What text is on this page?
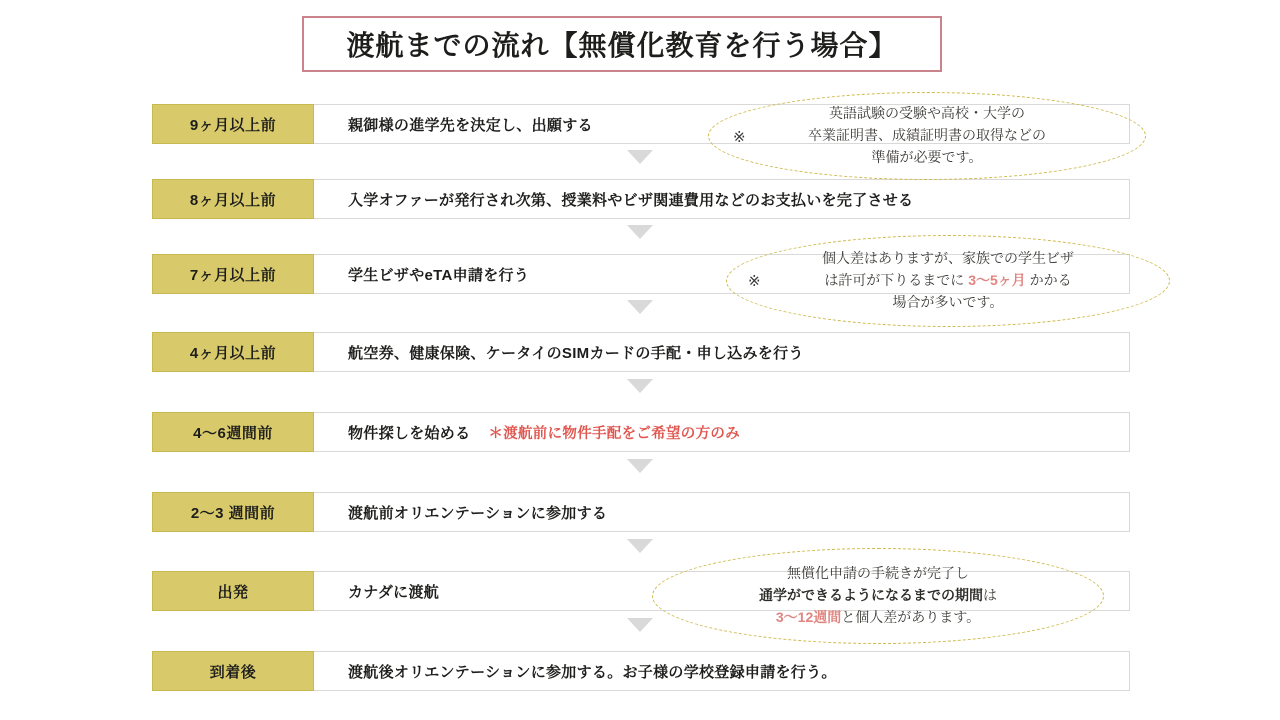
渡航までの流れ【無償化教育を行う場合】
9ヶ月以上前	親御様の進学先を決定し、出願する
8ヶ月以上前	入学オファーが発行され次第、授業料やビザ関連費用などのお支払いを完了させる
7ヶ月以上前	学生ビザやeTA申請を行う
4ヶ月以上前	航空券、健康保険、ケータイのSIMカードの手配・申し込みを行う
4〜6週間前	物件探しを始める ＊渡航前に物件手配をご希望の方のみ
2〜3 週間前	渡航前オリエンテーションに参加する
出発	カナダに渡航
到着後	渡航後オリエンテーションに参加する。お子様の学校登録申請を行う。
※
英語試験の受験や高校・大学の
卒業証明書、成績証明書の取得などの
準備が必要です。
※
個人差はありますが、家族での学生ビザ
は許可が下りるまでに 3〜5ヶ月 かかる
場合が多いです。
無償化申請の手続きが完了し
通学ができるようになるまでの期間は
3〜12週間と個人差があります。
